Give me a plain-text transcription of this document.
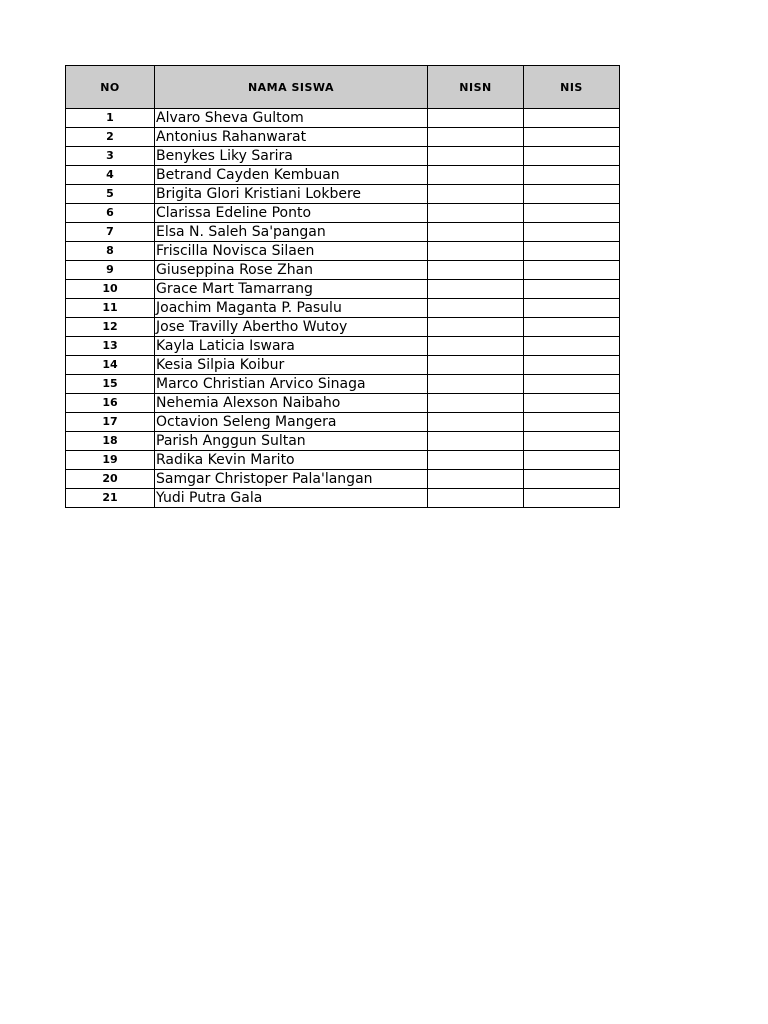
NO	NAMA SISWA	NISN	NIS
1	Alvaro Sheva Gultom		
2	Antonius Rahanwarat		
3	Benykes Liky Sarira		
4	Betrand Cayden Kembuan		
5	Brigita Glori Kristiani Lokbere		
6	Clarissa Edeline Ponto		
7	Elsa N. Saleh Sa'pangan		
8	Friscilla Novisca Silaen		
9	Giuseppina Rose Zhan		
10	Grace Mart Tamarrang		
11	Joachim Maganta P. Pasulu		
12	Jose Travilly Abertho Wutoy		
13	Kayla Laticia Iswara		
14	Kesia Silpia Koibur		
15	Marco Christian Arvico Sinaga		
16	Nehemia Alexson Naibaho		
17	Octavion Seleng Mangera		
18	Parish Anggun Sultan		
19	Radika Kevin Marito		
20	Samgar Christoper Pala'langan		
21	Yudi Putra Gala		
